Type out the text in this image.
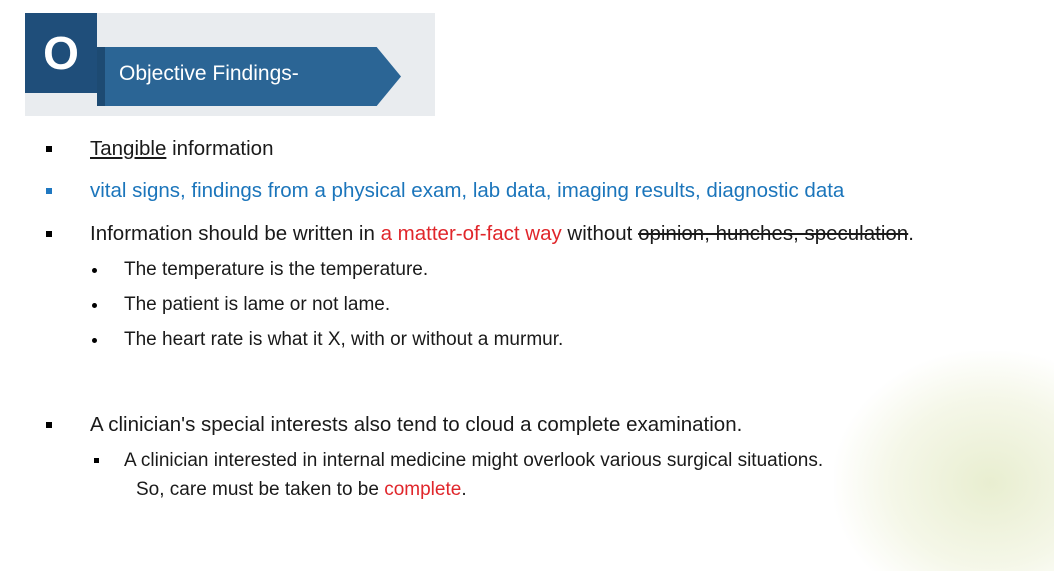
O Objective Findings-
Tangible information
vital signs, findings from a physical exam, lab data, imaging results, diagnostic data
Information should be written in a matter-of-fact way without opinion, hunches, speculation.
The temperature is the temperature.
The patient is lame or not lame.
The heart rate is what it X, with or without a murmur.
A clinician's special interests also tend to cloud a complete examination.
A clinician interested in internal medicine might overlook various surgical situations.
So, care must be taken to be complete.
